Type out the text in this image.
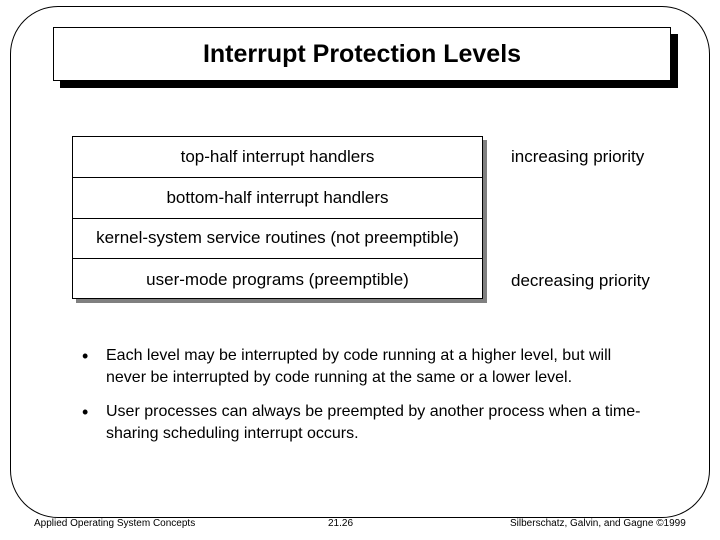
Interrupt Protection Levels
top-half interrupt handlers
bottom-half interrupt handlers
kernel-system service routines (not preemptible)
user-mode programs (preemptible)
increasing priority
decreasing priority
•	Each level may be interrupted by code running at a higher level, but will never be interrupted by code running at the same or a lower level.
•	User processes can always be preempted by another process when a time-sharing scheduling interrupt occurs.
Applied Operating System Concepts	21.26	Silberschatz, Galvin, and Gagne ©1999
